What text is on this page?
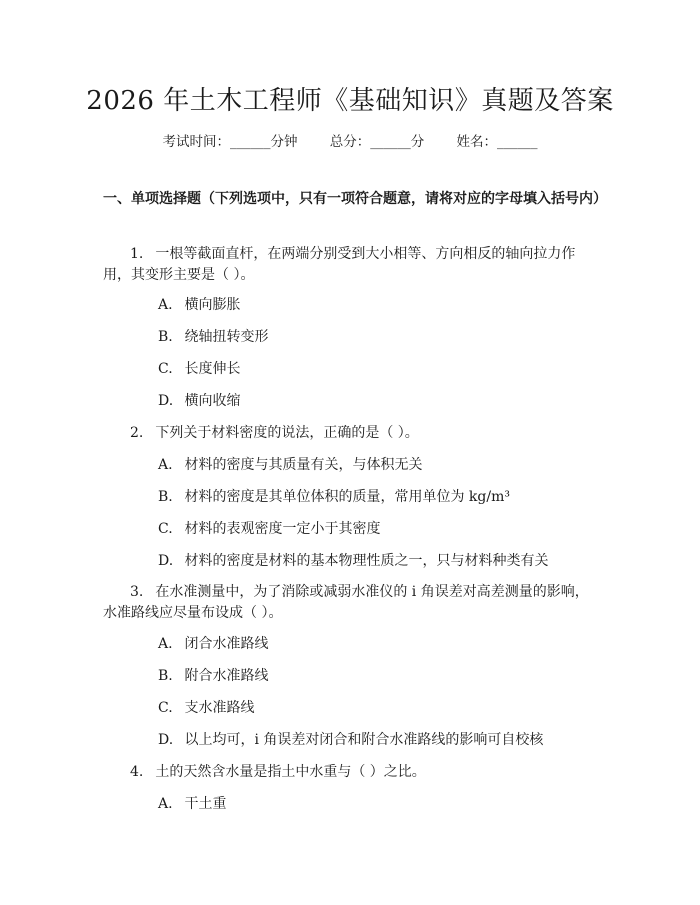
2026 年土木工程师《基础知识》真题及答案
考试时间：______分钟 总分：______分 姓名：______
一、单项选择题（下列选项中，只有一项符合题意，请将对应的字母填入括号内）
1. 一根等截面直杆，在两端分别受到大小相等、方向相反的轴向拉力作用，其变形主要是（ ）。
A. 横向膨胀
B. 绕轴扭转变形
C. 长度伸长
D. 横向收缩
2. 下列关于材料密度的说法，正确的是（ ）。
A. 材料的密度与其质量有关，与体积无关
B. 材料的密度是其单位体积的质量，常用单位为 kg/m³
C. 材料的表观密度一定小于其密度
D. 材料的密度是材料的基本物理性质之一，只与材料种类有关
3. 在水准测量中，为了消除或减弱水准仪的 i 角误差对高差测量的影响，水准路线应尽量布设成（ ）。
A. 闭合水准路线
B. 附合水准路线
C. 支水准路线
D. 以上均可，i 角误差对闭合和附合水准路线的影响可自校核
4. 土的天然含水量是指土中水重与（ ）之比。
A. 干土重
